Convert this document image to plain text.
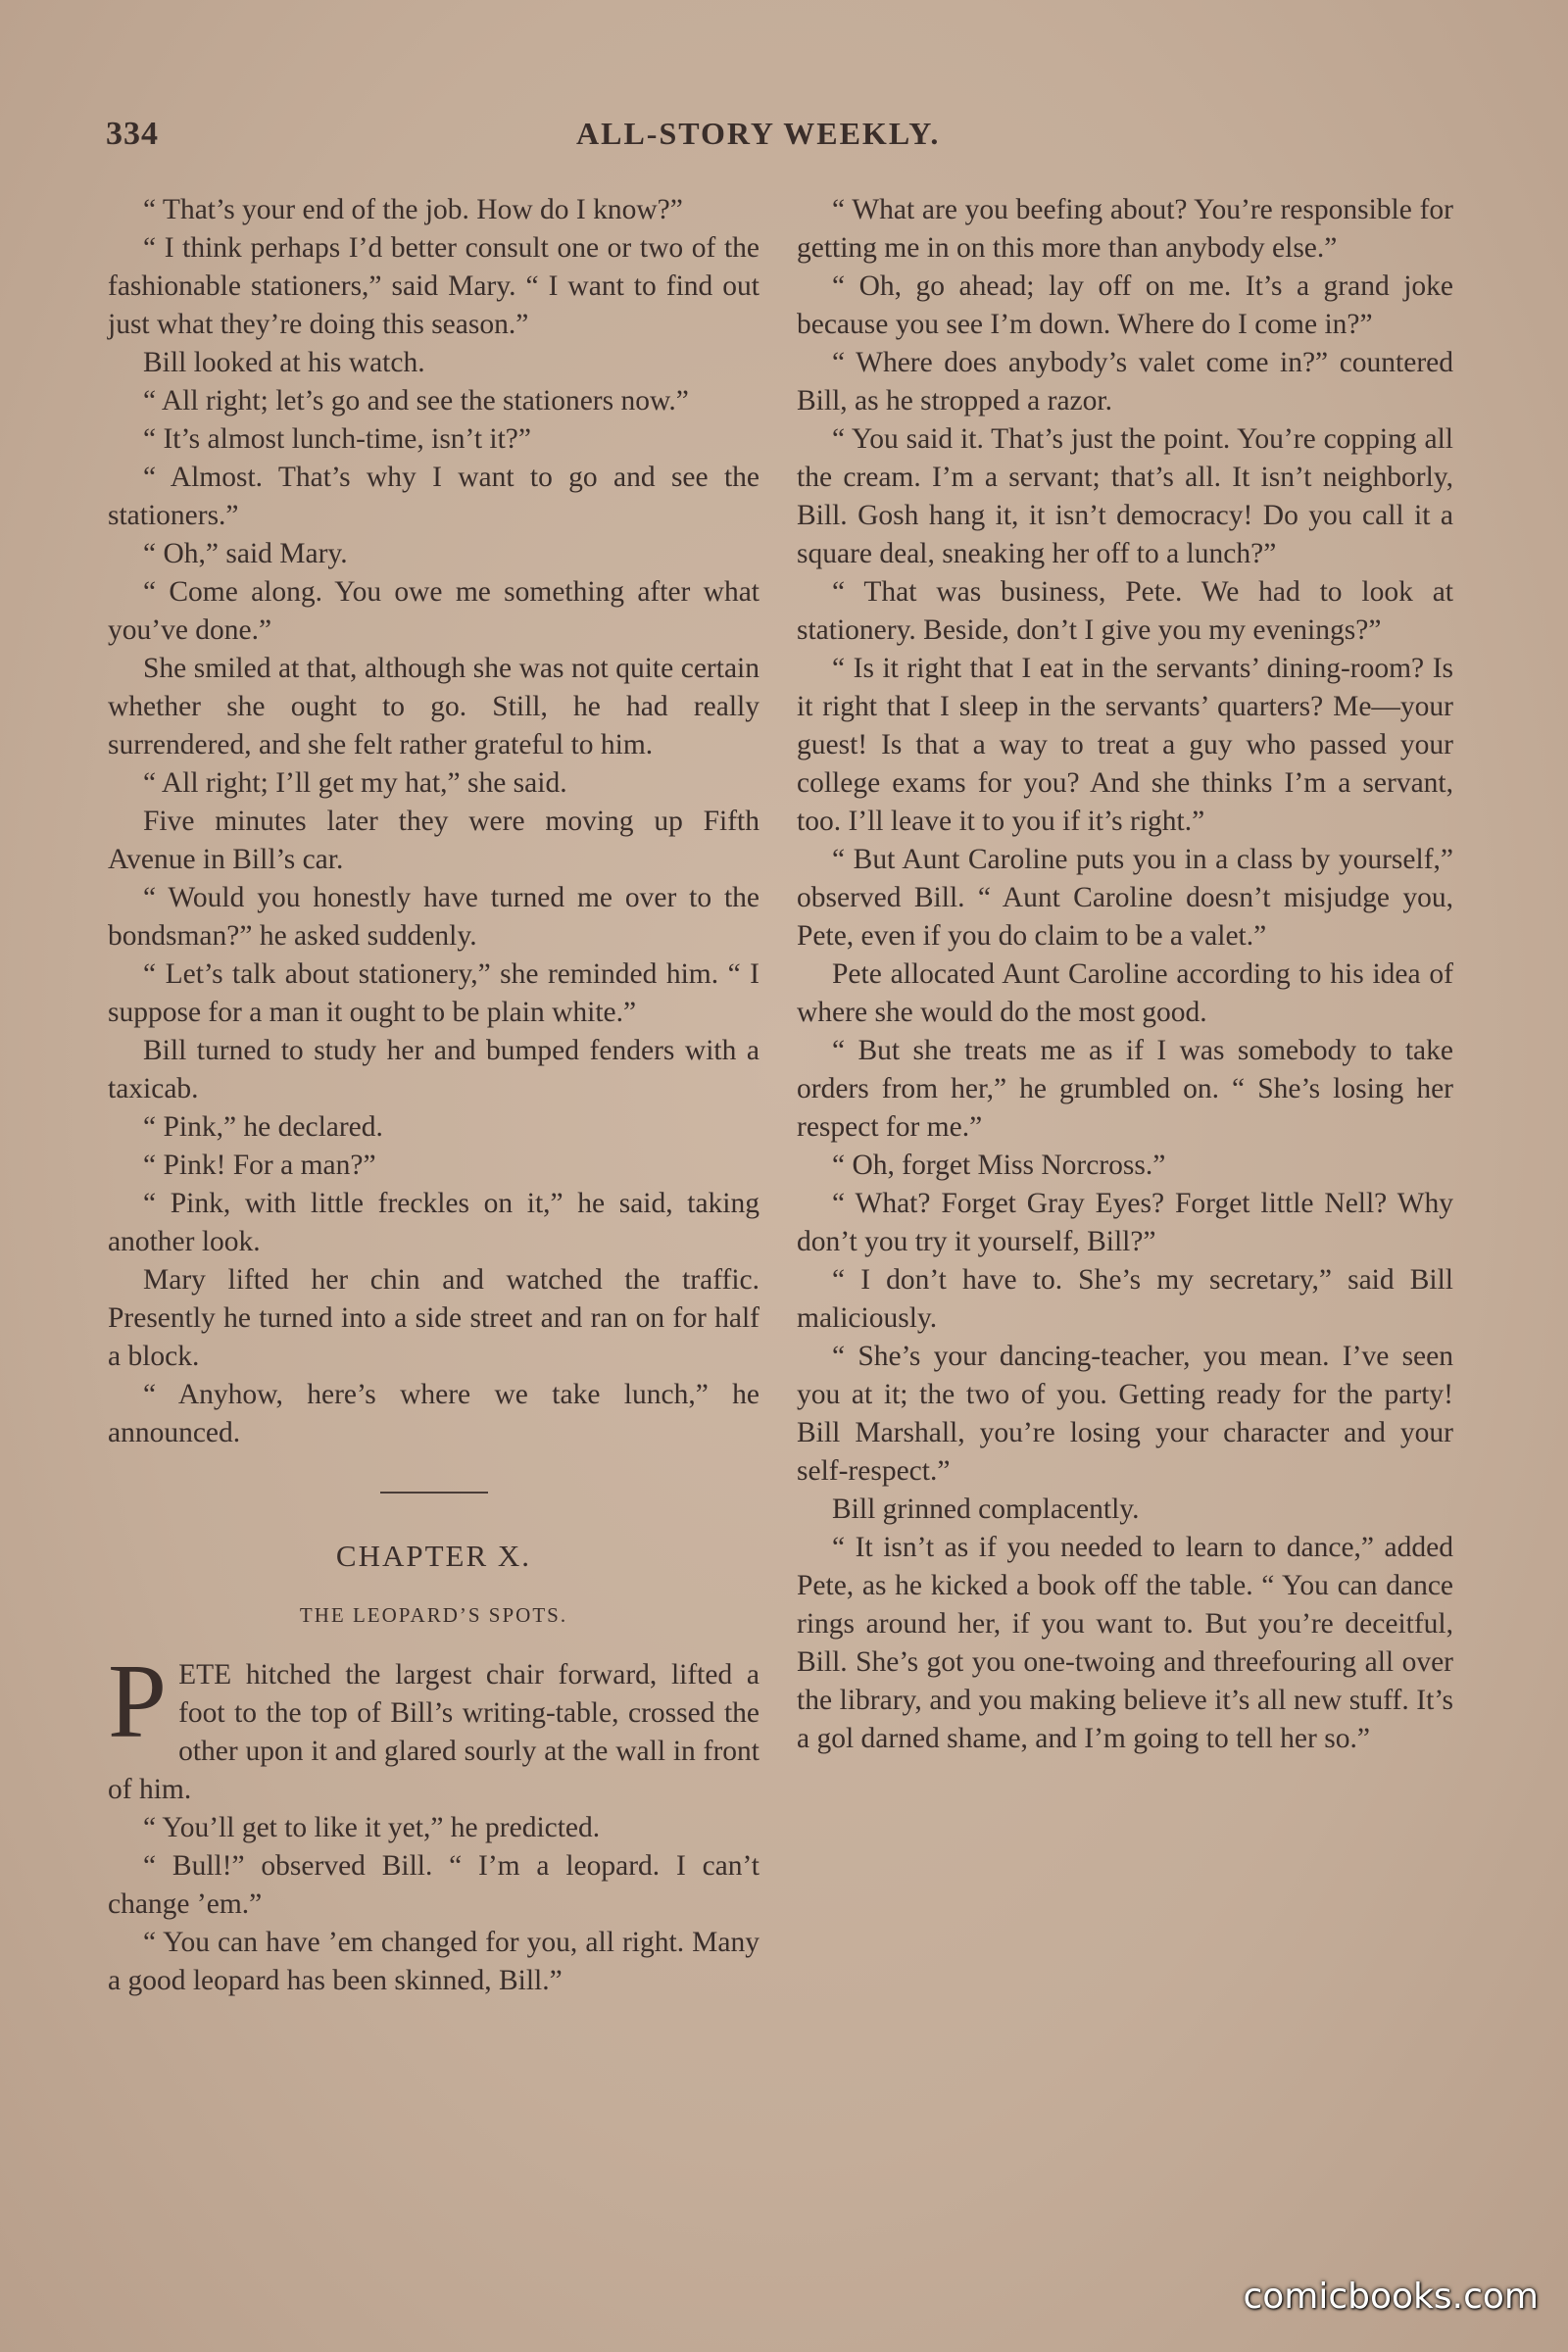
334	ALL-STORY WEEKLY.

“ That’s your end of the job. How do I know?”

“ I think perhaps I’d better consult one or two of the fashionable stationers,” said Mary. “ I want to find out just what they’re doing this season.”

Bill looked at his watch.

“ All right; let’s go and see the stationers now.”

“ It’s almost lunch-time, isn’t it?”

“ Almost. That’s why I want to go and see the stationers.”

“ Oh,” said Mary.

“ Come along. You owe me something after what you’ve done.”

She smiled at that, although she was not quite certain whether she ought to go. Still, he had really surrendered, and she felt rather grateful to him.

“ All right; I’ll get my hat,” she said.

Five minutes later they were moving up Fifth Avenue in Bill’s car.

“ Would you honestly have turned me over to the bondsman?” he asked suddenly.

“ Let’s talk about stationery,” she reminded him. “ I suppose for a man it ought to be plain white.”

Bill turned to study her and bumped fenders with a taxicab.

“ Pink,” he declared.

“ Pink! For a man?”

“ Pink, with little freckles on it,” he said, taking another look.

Mary lifted her chin and watched the traffic. Presently he turned into a side street and ran on for half a block.

“ Anyhow, here’s where we take lunch,” he announced.

CHAPTER X.
THE LEOPARD’S SPOTS.

PETE hitched the largest chair forward, lifted a foot to the top of Bill’s writing-table, crossed the other upon it and glared sourly at the wall in front of him.

“ You’ll get to like it yet,” he predicted.

“ Bull!” observed Bill. “ I’m a leopard. I can’t change ’em.”

“ You can have ’em changed for you, all right. Many a good leopard has been skinned, Bill.”

“ What are you beefing about? You’re responsible for getting me in on this more than anybody else.”

“ Oh, go ahead; lay off on me. It’s a grand joke because you see I’m down. Where do I come in?”

“ Where does anybody’s valet come in?” countered Bill, as he stropped a razor.

“ You said it. That’s just the point. You’re copping all the cream. I’m a servant; that’s all. It isn’t neighborly, Bill. Gosh hang it, it isn’t democracy! Do you call it a square deal, sneaking her off to a lunch?”

“ That was business, Pete. We had to look at stationery. Beside, don’t I give you my evenings?”

“ Is it right that I eat in the servants’ dining-room? Is it right that I sleep in the servants’ quarters? Me—your guest! Is that a way to treat a guy who passed your college exams for you? And she thinks I’m a servant, too. I’ll leave it to you if it’s right.”

“ But Aunt Caroline puts you in a class by yourself,” observed Bill. “ Aunt Caroline doesn’t misjudge you, Pete, even if you do claim to be a valet.”

Pete allocated Aunt Caroline according to his idea of where she would do the most good.

“ But she treats me as if I was somebody to take orders from her,” he grumbled on. “ She’s losing her respect for me.”

“ Oh, forget Miss Norcross.”

“ What? Forget Gray Eyes? Forget little Nell? Why don’t you try it yourself, Bill?”

“ I don’t have to. She’s my secretary,” said Bill maliciously.

“ She’s your dancing-teacher, you mean. I’ve seen you at it; the two of you. Getting ready for the party! Bill Marshall, you’re losing your character and your self-respect.”

Bill grinned complacently.

“ It isn’t as if you needed to learn to dance,” added Pete, as he kicked a book off the table. “ You can dance rings around her, if you want to. But you’re deceitful, Bill. She’s got you one-twoing and threefouring all over the library, and you making believe it’s all new stuff. It’s a gol darned shame, and I’m going to tell her so.”

comicbooks.com
